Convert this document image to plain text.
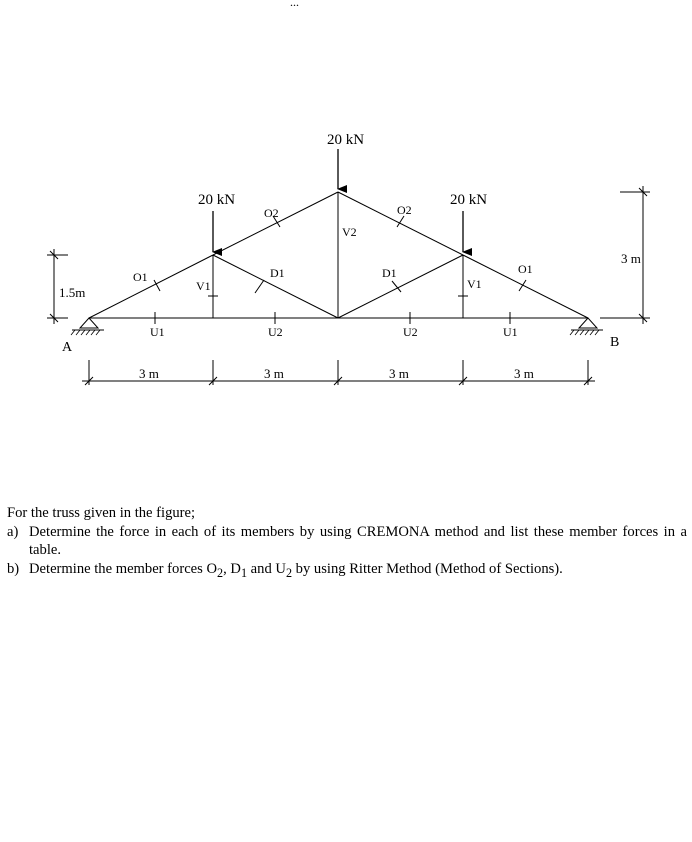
...
A	B
20 kN
20 kN
20 kN
O1
O2	O2
O1
V1
V2
V1
D1	D1
U1	U2	U2	U1
3 m	3 m	3 m	3 m
3 m
1.5m

For the truss given in the figure;

a) Determine the force in each of its members by using CREMONA method and list these member forces in a table.

b) Determine the member forces $O_2$, $D_1$ and $U_2$ by using Ritter Method (Method of Sections).
